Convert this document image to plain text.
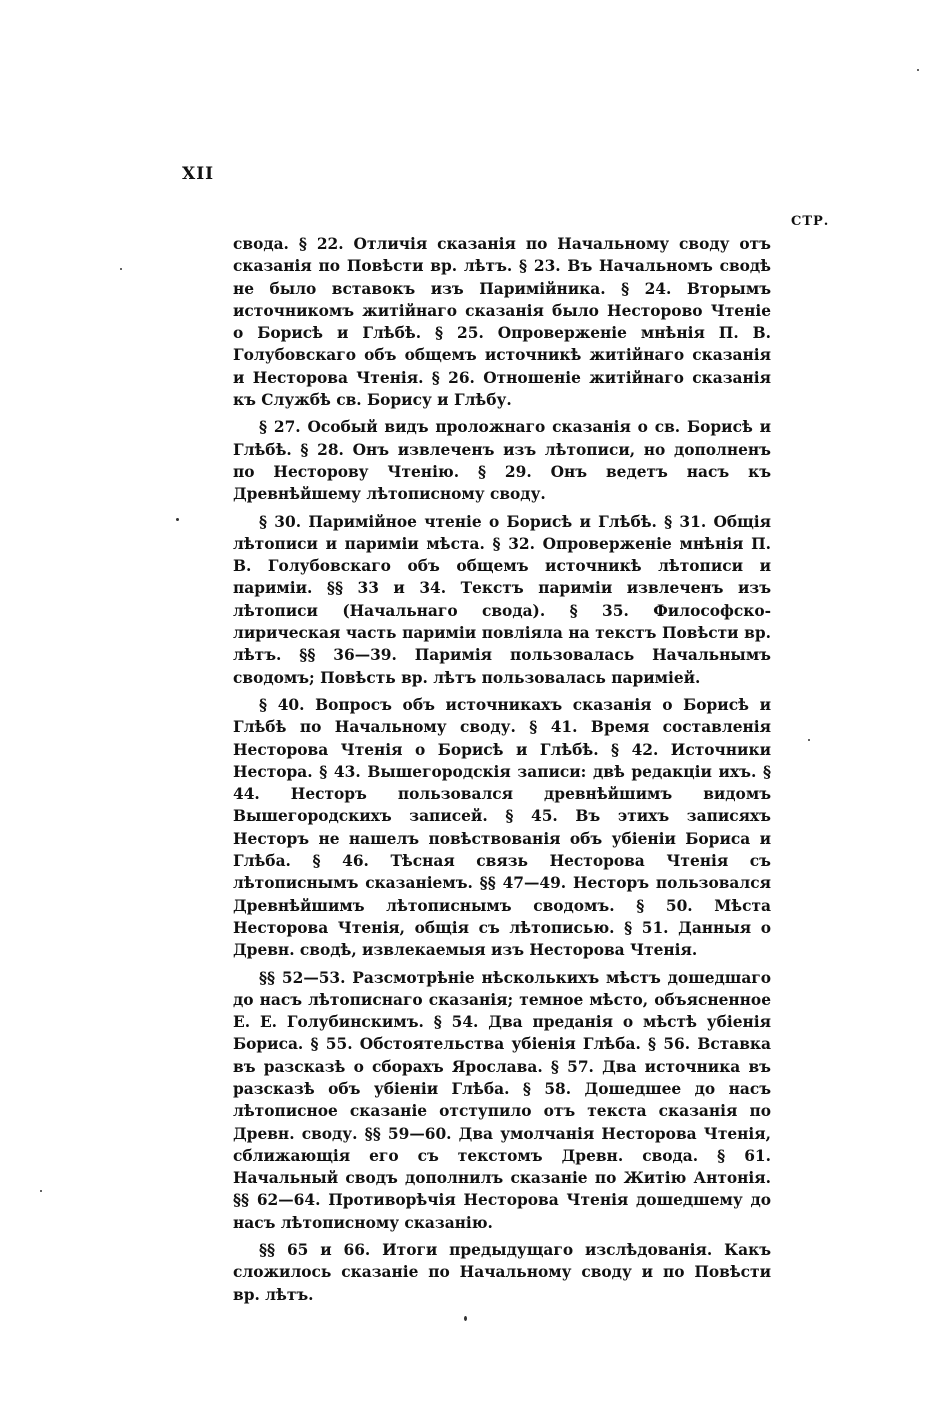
XII
СТР.

свода. § 22. Отличія сказанія по Начальному своду отъ сказанія по Повѣсти вр. лѣтъ. § 23. Въ Начальномъ сводѣ не было вставокъ изъ Паримійника. § 24. Вторымъ источникомъ житійнаго сказанія было Несторово Чтеніе о Борисѣ и Глѣбѣ. § 25. Опроверженіе мнѣнія П. В. Голубовскаго объ общемъ источникѣ житійнаго сказанія и Несторова Чтенія. § 26. Отношеніе житійнаго сказанія къ Службѣ св. Борису и Глѣбу.

§ 27. Особый видъ проложнаго сказанія о св. Борисѣ и Глѣбѣ. § 28. Онъ извлеченъ изъ лѣтописи, но дополненъ по Несторову Чтенію. § 29. Онъ ведетъ насъ къ Древнѣйшему лѣтописному своду.

§ 30. Паримійное чтеніе о Борисѣ и Глѣбѣ. § 31. Общія лѣтописи и паримiи мѣста. § 32. Опроверженіе мнѣнія П. В. Голубовскаго объ общемъ источникѣ лѣтописи и паримiи. §§ 33 и 34. Текстъ паримiи извлеченъ изъ лѣтописи (Начальнаго свода). § 35. Философско-лирическая часть паримiи повліяла на текстъ Повѣсти вр. лѣтъ. §§ 36—39. Паримія пользовалась Начальнымъ сводомъ; Повѣсть вр. лѣтъ пользовалась паримiей.

§ 40. Вопросъ объ источникахъ сказанія о Борисѣ и Глѣбѣ по Начальному своду. § 41. Время составленія Несторова Чтенія о Борисѣ и Глѣбѣ. § 42. Источники Нестора. § 43. Вышегородскія записи: двѣ редакціи ихъ. § 44. Несторъ пользовался древнѣйшимъ видомъ Вышегородскихъ записей. § 45. Въ этихъ записяхъ Несторъ не нашелъ повѣствованія объ убіеніи Бориса и Глѣба. § 46. Тѣсная связь Несторова Чтенія съ лѣтописнымъ сказаніемъ. §§ 47—49. Несторъ пользовался Древнѣйшимъ лѣтописнымъ сводомъ. § 50. Мѣста Несторова Чтенія, общія съ лѣтописью. § 51. Данныя о Древн. сводѣ, извлекаемыя изъ Несторова Чтенія.

§§ 52—53. Разсмотрѣніе нѣсколькихъ мѣстъ дошедшаго до насъ лѣтописнаго сказанія; темное мѣсто, объясненное Е. Е. Голубинскимъ. § 54. Два преданія о мѣстѣ убіенія Бориса. § 55. Обстоятельства убіенія Глѣба. § 56. Вставка въ разсказѣ о сборахъ Ярослава. § 57. Два источника въ разсказѣ объ убіеніи Глѣба. § 58. Дошедшее до насъ лѣтописное сказаніе отступило отъ текста сказанія по Древн. своду. §§ 59—60. Два умолчанія Несторова Чтенія, сближающія его съ текстомъ Древн. свода. § 61. Начальный сводъ дополнилъ сказаніе по Житію Антонія. §§ 62—64. Противорѣчія Несторова Чтенія дошедшему до насъ лѣтописному сказанію.

§§ 65 и 66. Итоги предыдущаго изслѣдованія. Какъ сложилось сказаніе по Начальному своду и по Повѣсти вр. лѣтъ.
